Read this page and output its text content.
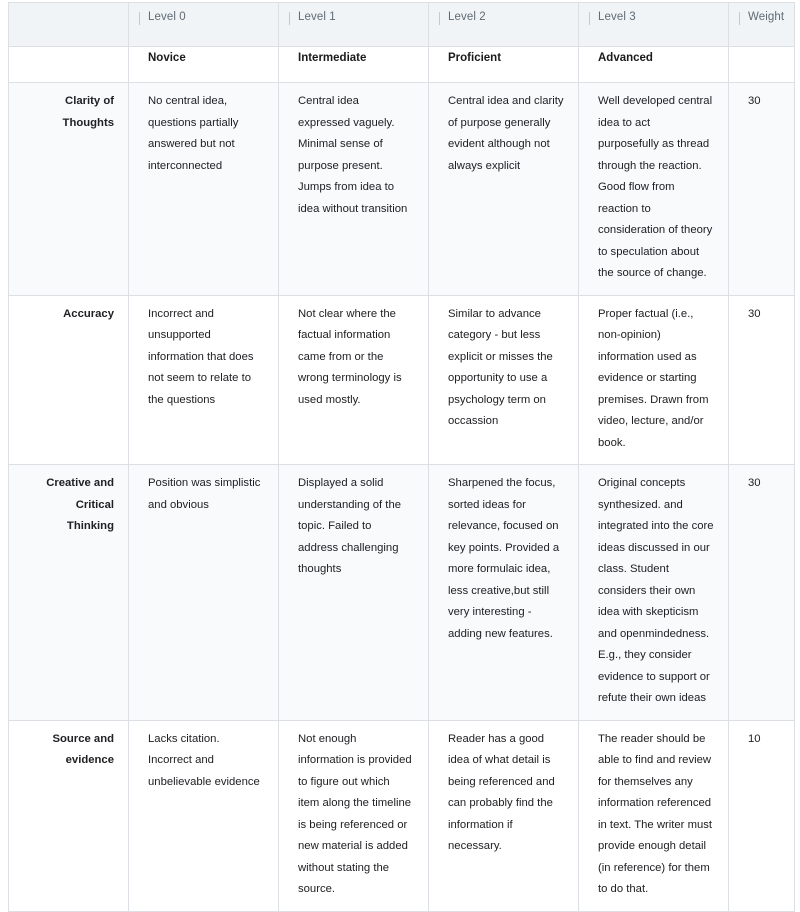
	Level 0	Level 1	Level 2	Level 3	Weight

	Novice	Intermediate	Proficient	Advanced	
Clarity of Thoughts	No central idea, questions partially answered but not interconnected	Central idea expressed vaguely. Minimal sense of purpose present. Jumps from idea to idea without transition	Central idea and clarity of purpose generally evident although not always explicit	Well developed central idea to act purposefully as thread through the reaction. Good flow from reaction to consideration of theory to speculation about the source of change.	30
Accuracy	Incorrect and unsupported information that does not seem to relate to the questions	Not clear where the factual information came from or the wrong terminology is used mostly.	Similar to advance category - but less explicit or misses the opportunity to use a psychology term on occassion	Proper factual (i.e., non-opinion) information used as evidence or starting premises. Drawn from video, lecture, and/or book.	30
Creative and Critical Thinking	Position was simplistic and obvious	Displayed a solid understanding of the topic. Failed to address challenging thoughts	Sharpened the focus, sorted ideas for relevance, focused on key points. Provided a more formulaic idea, less creative,but still very interesting - adding new features.	Original concepts synthesized. and integrated into the core ideas discussed in our class. Student considers their own idea with skepticism and openmindedness. E.g., they consider evidence to support or refute their own ideas	30
Source and evidence	Lacks citation. Incorrect and unbelievable evidence	Not enough information is provided to figure out which item along the timeline is being referenced or new material is added without stating the source.	Reader has a good idea of what detail is being referenced and can probably find the information if necessary.	The reader should be able to find and review for themselves any information referenced in text. The writer must provide enough detail (in reference) for them to do that.	10
